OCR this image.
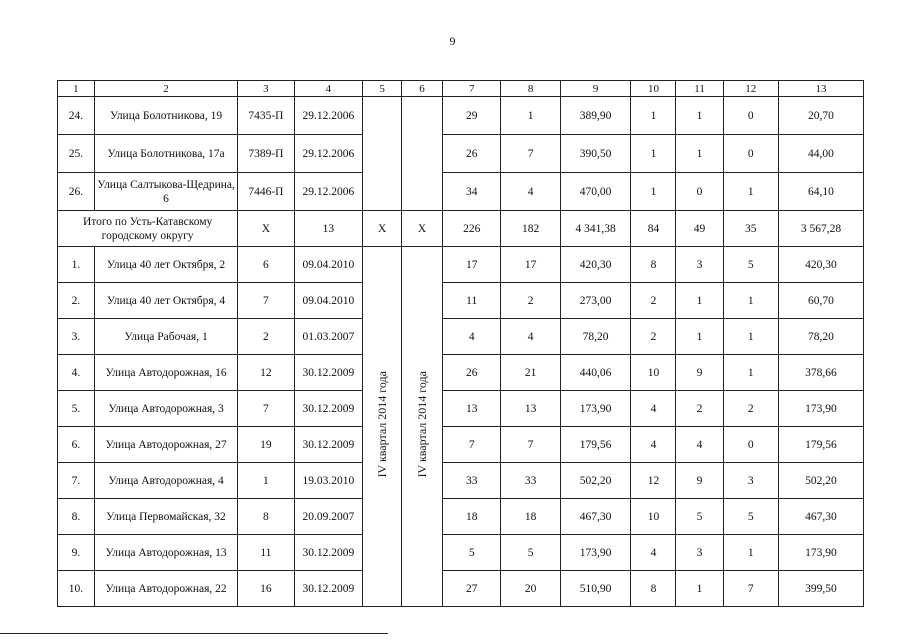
9
1	2	3	4	5	6	7	8	9	10	11	12	13
24.	Улица Болотникова, 19	7435-П	29.12.2006			29	1	389,90	1	1	0	20,70
25.	Улица Болотникова, 17а	7389-П	29.12.2006			26	7	390,50	1	1	0	44,00
26.	Улица Салтыкова-Щедрина, 6	7446-П	29.12.2006			34	4	470,00	1	0	1	64,10
Итого по Усть-Катавскому городскому округу		Х	13	Х	Х	226	182	4 341,38	84	49	35	3 567,28
1.	Улица 40 лет Октября, 2	6	09.04.2010	IV квартал 2014 года	IV квартал 2014 года	17	17	420,30	8	3	5	420,30
2.	Улица 40 лет Октября, 4	7	09.04.2010			11	2	273,00	2	1	1	60,70
3.	Улица Рабочая, 1	2	01.03.2007			4	4	78,20	2	1	1	78,20
4.	Улица Автодорожная, 16	12	30.12.2009			26	21	440,06	10	9	1	378,66
5.	Улица Автодорожная, 3	7	30.12.2009			13	13	173,90	4	2	2	173,90
6.	Улица Автодорожная, 27	19	30.12.2009			7	7	179,56	4	4	0	179,56
7.	Улица Автодорожная, 4	1	19.03.2010			33	33	502,20	12	9	3	502,20
8.	Улица Первомайская, 32	8	20.09.2007			18	18	467,30	10	5	5	467,30
9.	Улица Автодорожная, 13	11	30.12.2009			5	5	173,90	4	3	1	173,90
10.	Улица Автодорожная, 22	16	30.12.2009			27	20	510,90	8	1	7	399,50
